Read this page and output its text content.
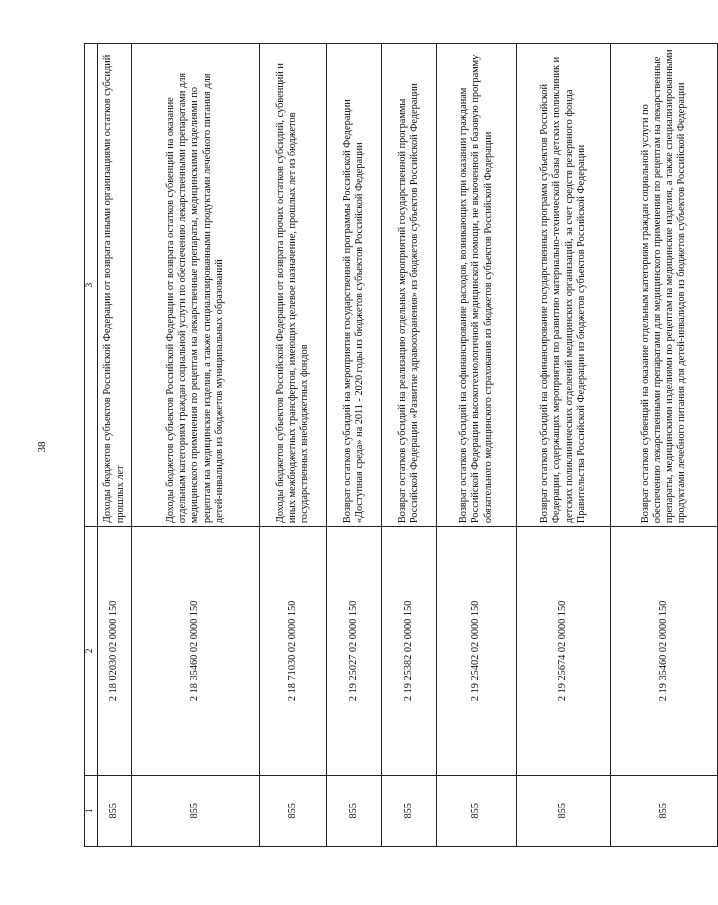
38
1	2	3
855	2 18 02030 02 0000 150	Доходы бюджетов субъектов Российской Федерации от возврата иными организациями остатков субсидий прошлых лет
855	2 18 35460 02 0000 150	Доходы бюджетов субъектов Российской Федерации от возврата остатков субвенций на оказание отдельным категориям граждан социальной услуги по обеспечению лекарственными препаратами для медицинского применения по рецептам на лекарственные препараты, медицинскими изделиями по рецептам на медицинские изделия, а также специализированными продуктами лечебного питания для детей-инвалидов из бюджетов муниципальных образований
855	2 18 71030 02 0000 150	Доходы бюджетов субъектов Российской Федерации от возврата прочих остатков субсидий, субвенций и иных межбюджетных трансфертов, имеющих целевое назначение, прошлых лет из бюджетов государственных внебюджетных фондов
855	2 19 25027 02 0000 150	Возврат остатков субсидий на мероприятия государственной программы Российской Федерации «Доступная среда» на 2011 - 2020 годы из бюджетов субъектов Российской Федерации
855	2 19 25382 02 0000 150	Возврат остатков субсидий на реализацию отдельных мероприятий государственной программы Российской Федерации «Развитие здравоохранения» из бюджетов субъектов Российской Федерации
855	2 19 25402 02 0000 150	Возврат остатков субсидий на софинансирование расходов, возникающих при оказании гражданам Российской Федерации высокотехнологичной медицинской помощи, не включенной в базовую программу обязательного медицинского страхования из бюджетов субъектов Российской Федерации
855	2 19 25674 02 0000 150	Возврат остатков субсидий на софинансирование государственных программ субъектов Российской Федерации, содержащих мероприятия по развитию материально-технической базы детских поликлиник и детских поликлинических отделений медицинских организаций, за счет средств резервного фонда Правительства Российской Федерации из бюджетов субъектов Российской Федерации
855	2 19 35460 02 0000 150	Возврат остатков субвенций на оказание отдельным категориям граждан социальной услуги по обеспечению лекарственными препаратами для медицинского применения по рецептам на лекарственные препараты, медицинскими изделиями по рецептам на медицинские изделия, а также специализированными продуктами лечебного питания для детей-инвалидов из бюджетов субъектов Российской Федерации
